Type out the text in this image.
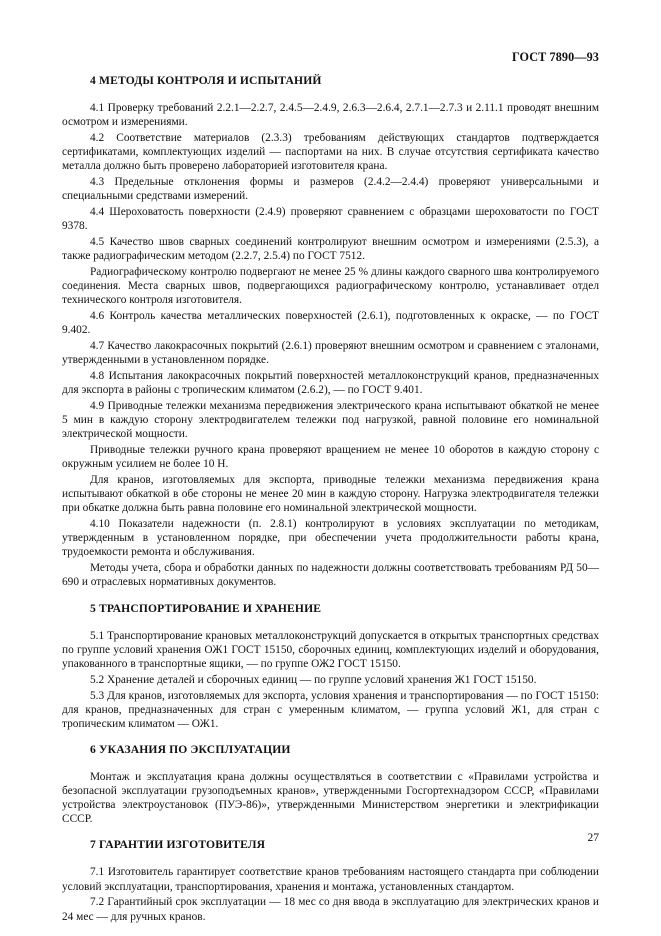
ГОСТ 7890—93
4 МЕТОДЫ КОНТРОЛЯ И ИСПЫТАНИЙ

4.1 Проверку требований 2.2.1—2.2.7, 2.4.5—2.4.9, 2.6.3—2.6.4, 2.7.1—2.7.3 и 2.11.1 проводят внешним осмотром и измерениями.

4.2 Соответствие материалов (2.3.3) требованиям действующих стандартов подтверждается сертификатами, комплектующих изделий — паспортами на них. В случае отсутствия сертификата качество металла должно быть проверено лабораторией изготовителя крана.

4.3 Предельные отклонения формы и размеров (2.4.2—2.4.4) проверяют универсальными и специальными средствами измерений.

4.4 Шероховатость поверхности (2.4.9) проверяют сравнением с образцами шероховатости по ГОСТ 9378.

4.5 Качество швов сварных соединений контролируют внешним осмотром и измерениями (2.5.3), а также радиографическим методом (2.2.7, 2.5.4) по ГОСТ 7512.

Радиографическому контролю подвергают не менее 25 % длины каждого сварного шва контролируемого соединения. Места сварных швов, подвергающихся радиографическому контролю, устанавливает отдел технического контроля изготовителя.

4.6 Контроль качества металлических поверхностей (2.6.1), подготовленных к окраске, — по ГОСТ 9.402.

4.7 Качество лакокрасочных покрытий (2.6.1) проверяют внешним осмотром и сравнением с эталонами, утвержденными в установленном порядке.

4.8 Испытания лакокрасочных покрытий поверхностей металлоконструкций кранов, предназначенных для экспорта в районы с тропическим климатом (2.6.2), — по ГОСТ 9.401.

4.9 Приводные тележки механизма передвижения электрического крана испытывают обкаткой не менее 5 мин в каждую сторону электродвигателем тележки под нагрузкой, равной половине его номинальной электрической мощности.

Приводные тележки ручного крана проверяют вращением не менее 10 оборотов в каждую сторону с окружным усилием не более 10 Н.

Для кранов, изготовляемых для экспорта, приводные тележки механизма передвижения крана испытывают обкаткой в обе стороны не менее 20 мин в каждую сторону. Нагрузка электродвигателя тележки при обкатке должна быть равна половине его номинальной электрической мощности.

4.10 Показатели надежности (п. 2.8.1) контролируют в условиях эксплуатации по методикам, утвержденным в установленном порядке, при обеспечении учета продолжительности работы крана, трудоемкости ремонта и обслуживания.

Методы учета, сбора и обработки данных по надежности должны соответствовать требованиям РД 50—690 и отраслевых нормативных документов.

5 ТРАНСПОРТИРОВАНИЕ И ХРАНЕНИЕ

5.1 Транспортирование крановых металлоконструкций допускается в открытых транспортных средствах по группе условий хранения ОЖ1 ГОСТ 15150, сборочных единиц, комплектующих изделий и оборудования, упакованного в транспортные ящики, — по группе ОЖ2 ГОСТ 15150.

5.2 Хранение деталей и сборочных единиц — по группе условий хранения Ж1 ГОСТ 15150.

5.3 Для кранов, изготовляемых для экспорта, условия хранения и транспортирования — по ГОСТ 15150: для кранов, предназначенных для стран с умеренным климатом, — группа условий Ж1, для стран с тропическим климатом — ОЖ1.

6 УКАЗАНИЯ ПО ЭКСПЛУАТАЦИИ

Монтаж и эксплуатация крана должны осуществляться в соответствии с «Правилами устройства и безопасной эксплуатации грузоподъемных кранов», утвержденными Госгортехнадзором СССР, «Правилами устройства электроустановок (ПУЭ-86)», утвержденными Министерством энергетики и электрификации СССР.

7 ГАРАНТИИ ИЗГОТОВИТЕЛЯ

7.1 Изготовитель гарантирует соответствие кранов требованиям настоящего стандарта при соблюдении условий эксплуатации, транспортирования, хранения и монтажа, установленных стандартом.

7.2 Гарантийный срок эксплуатации — 18 мес со дня ввода в эксплуатацию для электрических кранов и 24 мес — для ручных кранов.

27
